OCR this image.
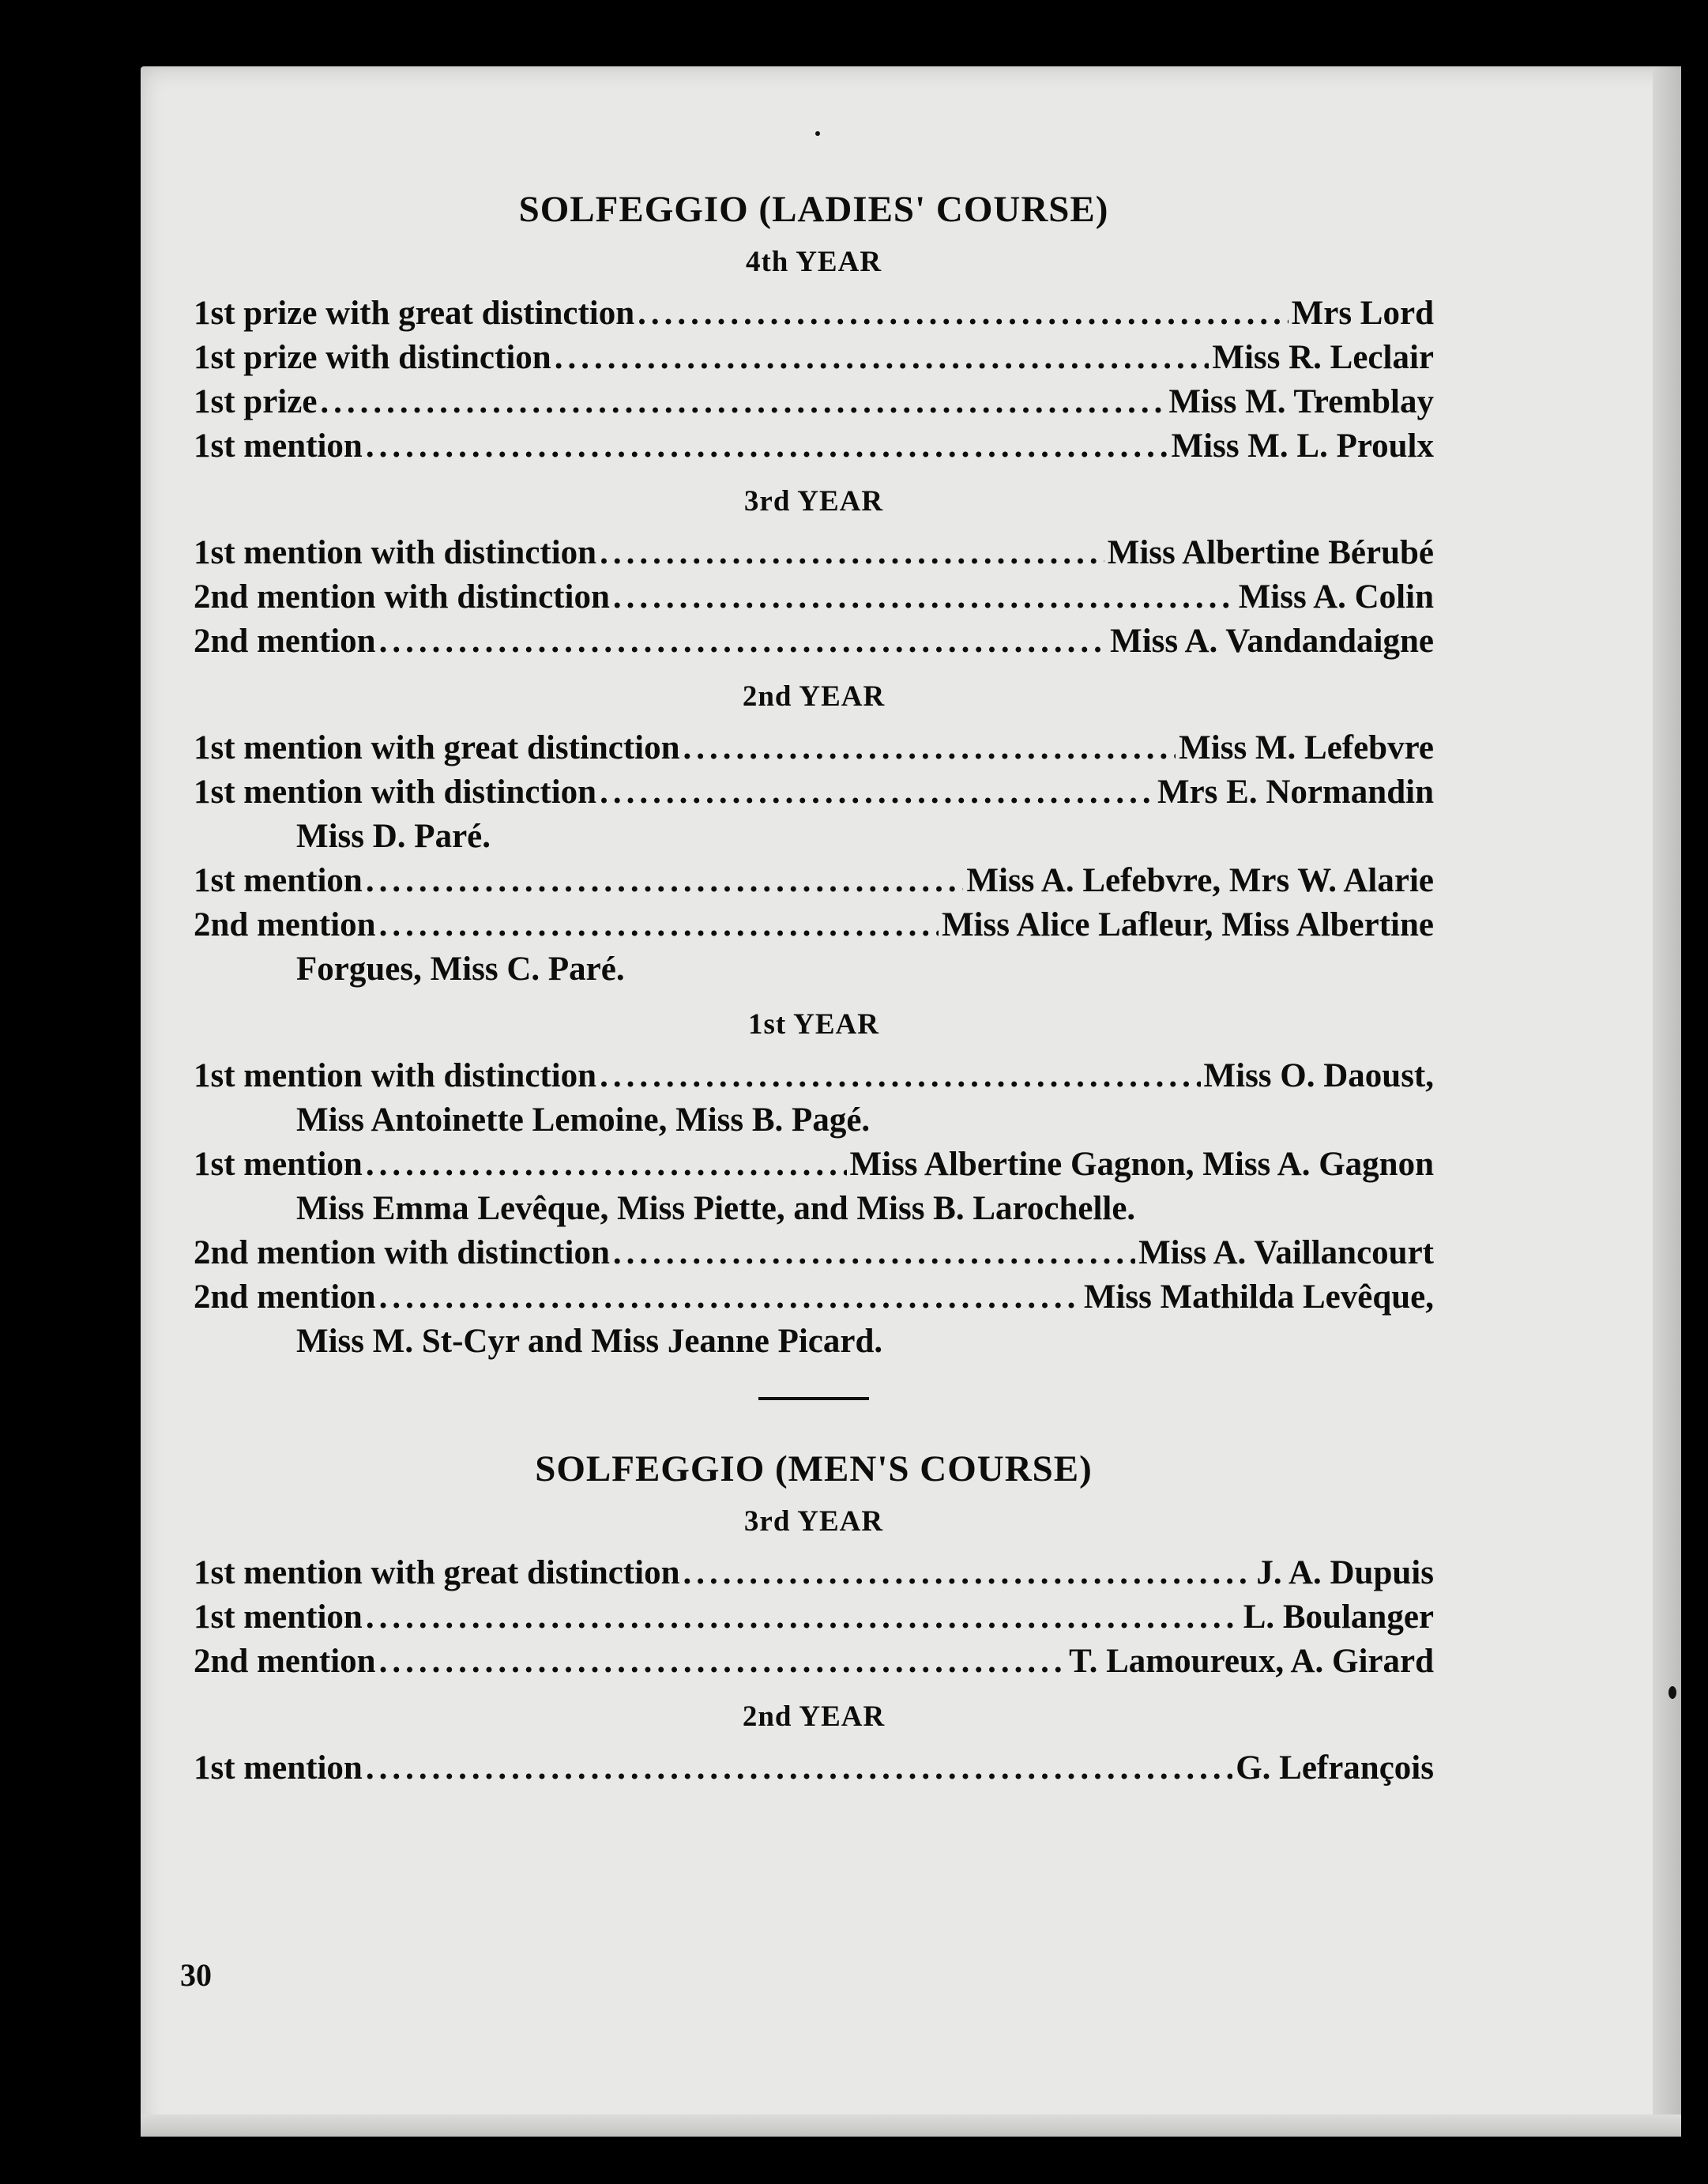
SOLFEGGIO (LADIES' COURSE)
4th YEAR
1st prize with great distinction .....	Mrs Lord
1st prize with distinction .....	Miss R. Leclair
1st prize .....	Miss M. Tremblay
1st mention .....	Miss M. L. Proulx
3rd YEAR
1st mention with distinction .....	Miss Albertine Bérubé
2nd mention with distinction .....	Miss A. Colin
2nd mention .....	Miss A. Vandandaigne
2nd YEAR
1st mention with great distinction .....	Miss M. Lefebvre
1st mention with distinction .....	Mrs E. Normandin
Miss D. Paré.
1st mention .....	Miss A. Lefebvre, Mrs W. Alarie
2nd mention .....	Miss Alice Lafleur, Miss Albertine
Forgues, Miss C. Paré.
1st YEAR
1st mention with distinction .....	Miss O. Daoust,
Miss Antoinette Lemoine, Miss B. Pagé.
1st mention .....	Miss Albertine Gagnon, Miss A. Gagnon
Miss Emma Levêque, Miss Piette, and Miss B. Larochelle.
2nd mention with distinction .....	Miss A. Vaillancourt
2nd mention .....	Miss Mathilda Levêque,
Miss M. St-Cyr and Miss Jeanne Picard.
SOLFEGGIO (MEN'S COURSE)
3rd YEAR
1st mention with great distinction .....	J. A. Dupuis
1st mention .....	L. Boulanger
2nd mention .....	T. Lamoureux, A. Girard
2nd YEAR
1st mention .....	G. Lefrançois
30
